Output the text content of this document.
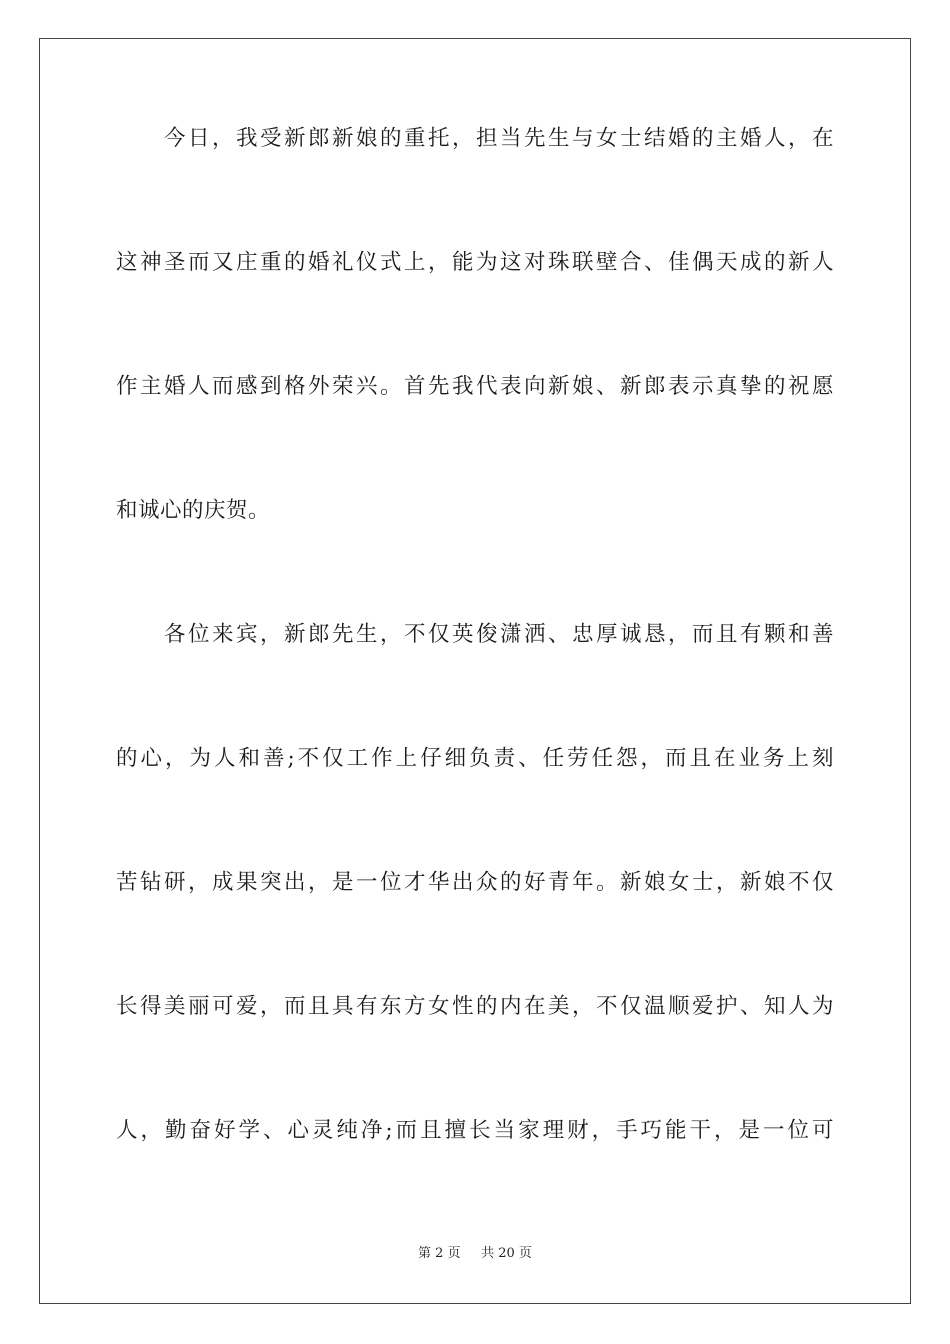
　　今日，我受新郎新娘的重托，担当先生与女士结婚的主婚人，在
这神圣而又庄重的婚礼仪式上，能为这对珠联壁合、佳偶天成的新人
作主婚人而感到格外荣兴。首先我代表向新娘、新郎表示真挚的祝愿
和诚心的庆贺。
　　各位来宾，新郎先生，不仅英俊潇洒、忠厚诚恳，而且有颗和善
的心，为人和善;不仅工作上仔细负责、任劳任怨，而且在业务上刻
苦钻研，成果突出，是一位才华出众的好青年。新娘女士，新娘不仅
长得美丽可爱，而且具有东方女性的内在美，不仅温顺爱护、知人为
人，勤奋好学、心灵纯净;而且擅长当家理财，手巧能干，是一位可
第 2 页 共 20 页
